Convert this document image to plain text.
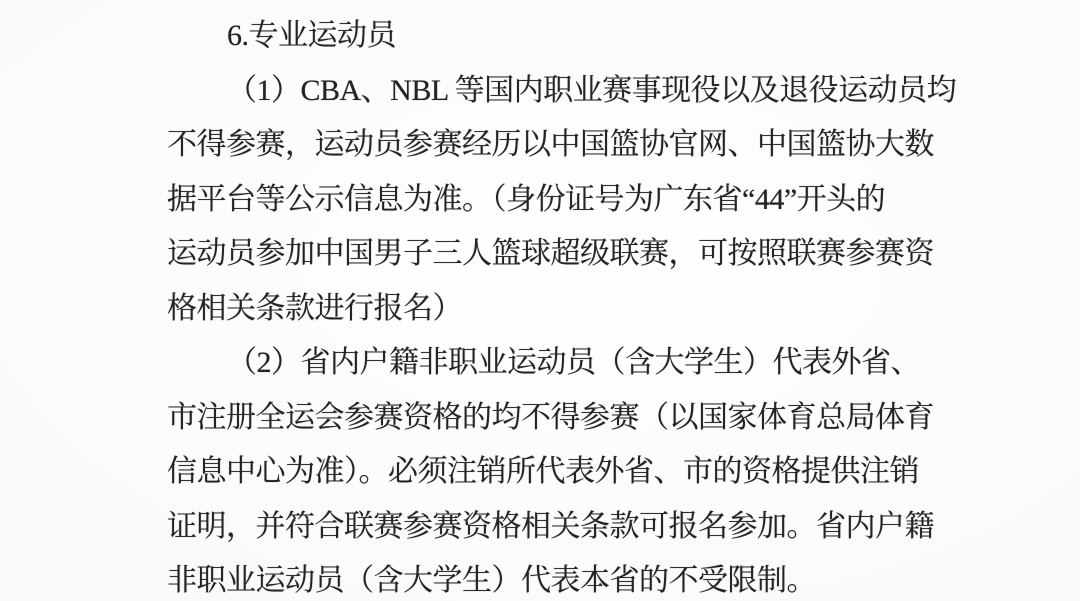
6.专业运动员
（1）CBA、NBL 等国内职业赛事现役以及退役运动员均
不得参赛，运动员参赛经历以中国篮协官网、中国篮协大数
据平台等公示信息为准。（身份证号为广东省“44”开头的
运动员参加中国男子三人篮球超级联赛，可按照联赛参赛资
格相关条款进行报名）
（2）省内户籍非职业运动员（含大学生）代表外省、
市注册全运会参赛资格的均不得参赛（以国家体育总局体育
信息中心为准）。必须注销所代表外省、市的资格提供注销
证明，并符合联赛参赛资格相关条款可报名参加。省内户籍
非职业运动员（含大学生）代表本省的不受限制。
